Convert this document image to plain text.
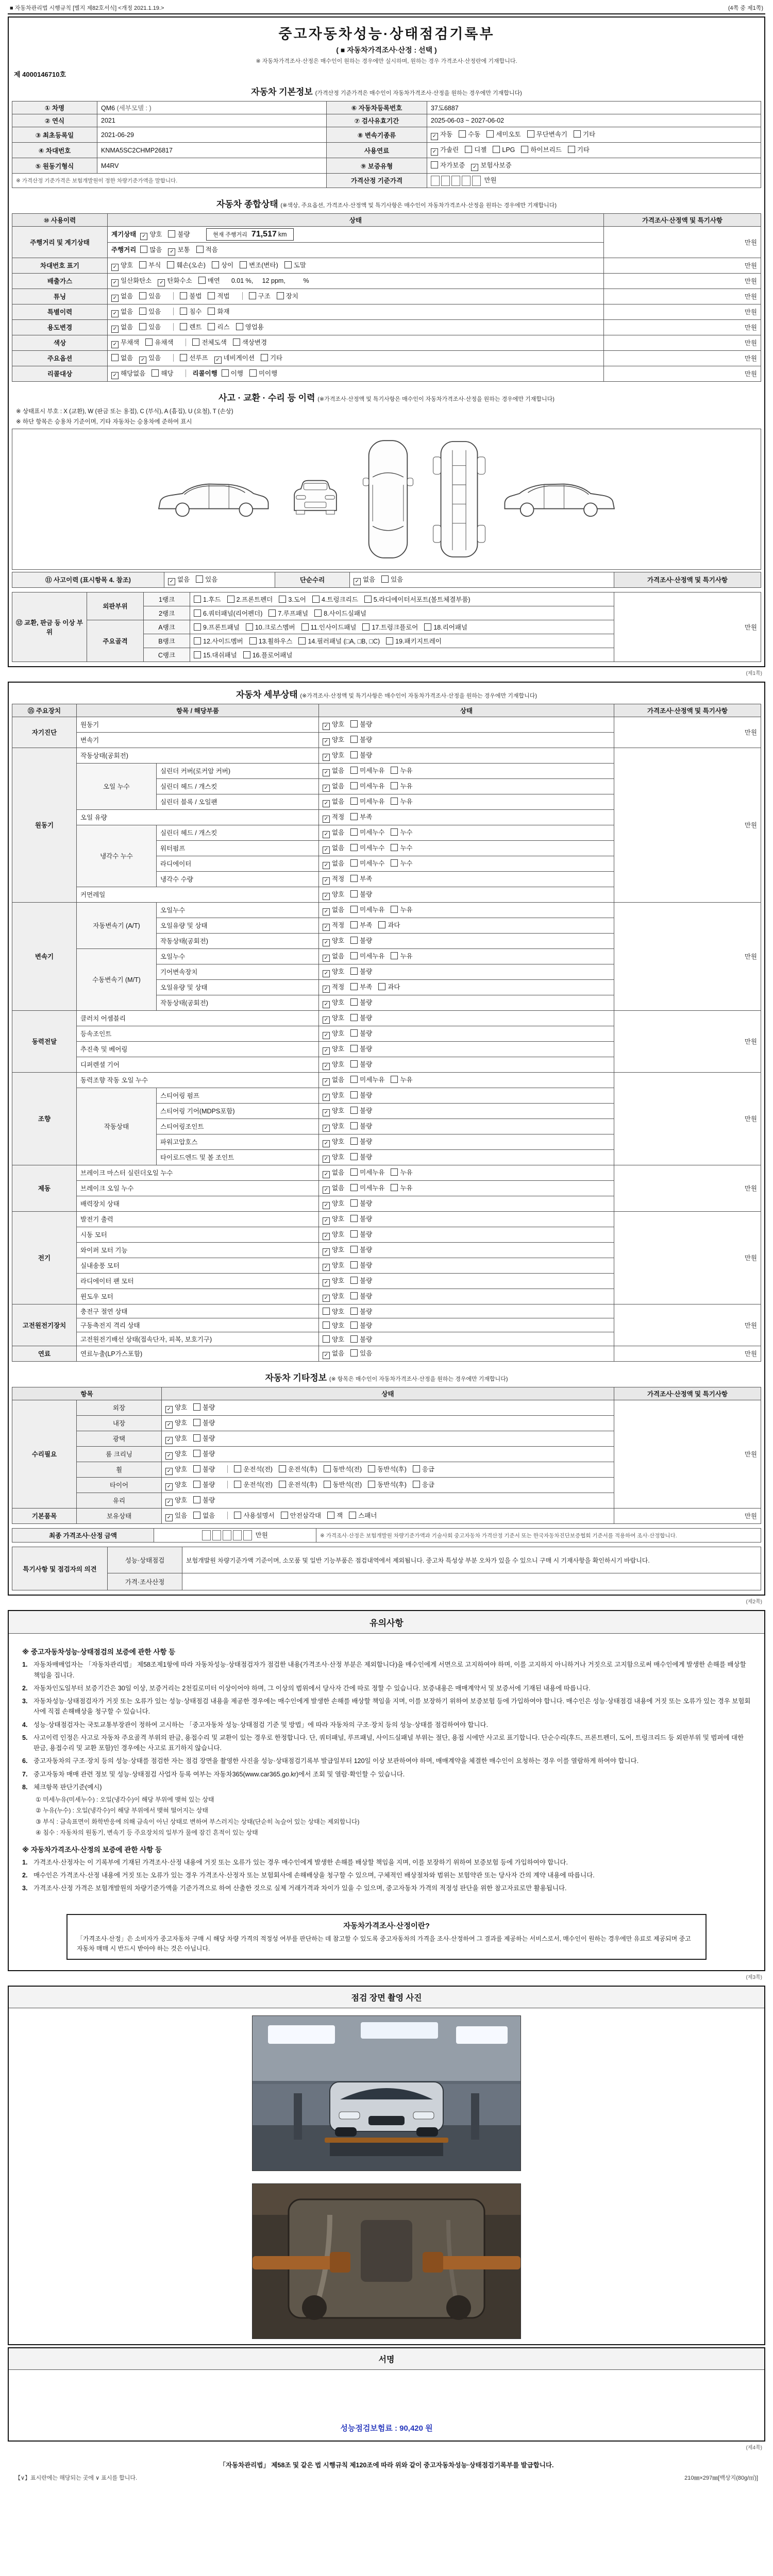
■ 자동차관리법 시행규칙 [별지 제82호서식] <개정 2021.1.19.>	(4쪽 중 제1쪽)
중고자동차성능·상태점검기록부
( ■ 자동차가격조사·산정 : 선택 )
※ 자동차가격조사·산정은 매수인이 원하는 경우에만 실시하며, 원하는 경우 가격조사·산정란에 기재합니다.
제 4000146710호
자동차 기본정보 (가격산정 기준가격은 매수인이 자동차가격조사·산정을 원하는 경우에만 기재합니다)
① 차명	QM6 (세부모델 : )	⑥ 자동차등록번호	37도6887
② 연식	2021	⑦ 검사유효기간	2025-06-03 ~ 2027-06-02
③ 최초등록일	2021-06-29	⑧ 변속기종류	✓ 자동 수동 세미오토 무단변속기 기타
④ 차대번호	KNMA5SC2CHMP26817	사용연료	✓ 가솔린 디젤 LPG 하이브리드 기타
⑤ 원동기형식	M4RV	⑨ 보증유형	자가보증 ✓ 보험사보증
※ 가격산정 기준가격은 보험개발원이 정한 차량기준가액을 말합니다.		가격산정 기준가격	만원
자동차 종합상태 (※색상, 주요옵션, 가격조사·산정액 및 특기사항은 매수인이 자동차가격조사·산정을 원하는 경우에만 기재합니다)
⑩ 사용이력	상태	가격조사·산정액 및 특기사항
주행거리 및 계기상태	계기상태 ✓ 양호 불량 현재 주행거리 71,517 km	만원
	주행거리 많음 ✓ 보통 적음	
차대번호 표기	✓ 양호 부식 훼손(오손) 상이 변조(변타) 도말	만원
배출가스	✓ 일산화탄소 ✓ 탄화수소 매연 0.01 %,     12 ppm,          %	만원
튜닝	✓ 없음 있음 불법 적법 구조 장치	만원
특별이력	✓ 없음 있음 침수 화재	만원
용도변경	✓ 없음 있음 렌트 리스 영업용	만원
색상	✓ 무채색 유채색 전체도색 색상변경	만원
주요옵션	없음 ✓ 있음 선루프 ✓ 네비게이션 기타	만원
리콜대상	✓ 해당없음 해당 리콜이행 이행 미이행	만원
사고 · 교환 · 수리 등 이력 (※가격조사·산정액 및 특기사항은 매수인이 자동차가격조사·산정을 원하는 경우에만 기재합니다)
※ 상태표시 부호 : X (교환), W (판금 또는 용접), C (부식), A (흠집), U (요철), T (손상)
※ 하단 항목은 승용차 기준이며, 기타 자동차는 승용차에 준하여 표시
⑪ 사고이력 (표시항목 4. 참조)	✓ 없음 있음	단순수리	✓ 없음 있음	가격조사·산정액 및 특기사항
⑫ 교환, 판금 등 이상 부위	외판부위	1랭크	1.후드 2.프론트펜더 3.도어 4.트렁크리드 5.라디에이터서포트(볼트체결부품)	만원
		2랭크	6.쿼터패널(리어펜더) 7.루프패널 8.사이드실패널	
	주요골격	A랭크	9.프론트패널 10.크로스멤버 11.인사이드패널 17.트렁크플로어 18.리어패널	
		B랭크	12.사이드멤버 13.휠하우스 14.필러패널 (□A, □B, □C) 19.패키지트레이	
		C랭크	15.대쉬패널 16.플로어패널	
(제1쪽)
자동차 세부상태 (※가격조사·산정액 및 특기사항은 매수인이 자동차가격조사·산정을 원하는 경우에만 기재합니다)
⑮ 주요장치	항목 / 해당부품		상태	가격조사·산정액 및 특기사항
자기진단	원동기		✓ 양호 불량	만원
	변속기		✓ 양호 불량	
원동기	작동상태(공회전)		✓ 양호 불량	만원
	오일 누수	실린더 커버(로커암 커버)	✓ 없음 미세누유 누유	
		실린더 헤드 / 개스킷	✓ 없음 미세누유 누유	
		실린더 블록 / 오일팬	✓ 없음 미세누유 누유	
	오일 유량		✓ 적정 부족	
	냉각수 누수	실린더 헤드 / 개스킷	✓ 없음 미세누수 누수	
		워터펌프	✓ 없음 미세누수 누수	
		라디에이터	✓ 없음 미세누수 누수	
		냉각수 수량	✓ 적정 부족	
	커먼레일		✓ 양호 불량	
변속기	자동변속기 (A/T)	오일누수	✓ 없음 미세누유 누유	만원
		오일유량 및 상태	✓ 적정 부족 과다	
		작동상태(공회전)	✓ 양호 불량	
	수동변속기 (M/T)	오일누수	✓ 없음 미세누유 누유	
		기어변속장치	✓ 양호 불량	
		오일유량 및 상태	✓ 적정 부족 과다	
		작동상태(공회전)	✓ 양호 불량	
동력전달	클러치 어셈블리		✓ 양호 불량	만원
	등속조인트		✓ 양호 불량	
	추진축 및 베어링		✓ 양호 불량	
	디퍼렌셜 기어		✓ 양호 불량	
조향	동력조향 작동 오일 누수		✓ 없음 미세누유 누유	만원
	작동상태	스티어링 펌프	✓ 양호 불량	
		스티어링 기어(MDPS포함)	✓ 양호 불량	
		스티어링조인트	✓ 양호 불량	
		파워고압호스	✓ 양호 불량	
		타이로드엔드 및 볼 조인트	✓ 양호 불량	
제동	브레이크 마스터 실린더오일 누수		✓ 없음 미세누유 누유	만원
	브레이크 오일 누수		✓ 없음 미세누유 누유	
	배력장치 상태		✓ 양호 불량	
전기	발전기 출력		✓ 양호 불량	만원
	시동 모터		✓ 양호 불량	
	와이퍼 모터 기능		✓ 양호 불량	
	실내송풍 모터		✓ 양호 불량	
	라디에이터 팬 모터		✓ 양호 불량	
	윈도우 모터		✓ 양호 불량	
고전원전기장치	충전구 절연 상태		양호 불량	만원
	구동축전지 격리 상태		양호 불량	
	고전원전기배선 상태(접속단자, 피복, 보호기구)		양호 불량	
연료	연료누출(LP가스포함)		✓ 없음 있음	만원
자동차 기타정보 (※ 항목은 매수인이 자동차가격조사·산정을 원하는 경우에만 기재합니다)
항목		상태	가격조사·산정액 및 특기사항
수리필요	외장	✓ 양호 불량	만원
	내장	✓ 양호 불량	
	광택	✓ 양호 불량	
	룸 크리닝	✓ 양호 불량	
	휠	✓ 양호 불량 운전석(전) 운전석(후) 동반석(전) 동반석(후) 응급	
	타이어	✓ 양호 불량 운전석(전) 운전석(후) 동반석(전) 동반석(후) 응급	
	유리	✓ 양호 불량	
기본품목	보유상태	✓ 있음 없음 사용설명서 안전삼각대 잭 스패너	만원
최종 가격조사·산정 금액	만원	※ 가격조사·산정은 보험개발원 차량기준가액과 기술사회 중고자동차 가격산정 기준서 또는 한국자동차진단보증협회 기준서를 적용하여 조사·산정합니다.
특기사항 및 점검자의 의견	성능·상태점검	보험개발원 차량기준가액 기준이며, 소모품 및 일반 기능부품은 점검내역에서 제외됩니다. 중고차 특성상 부분 오차가 있을 수 있으니 구매 시 기재사항을 확인하시기 바랍니다.
	가격·조사산정	
(제2쪽)
유의사항
※ 중고자동차성능·상태점검의 보증에 관한 사항 등
1. 자동차매매업자는 「자동차관리법」 제58조제1항에 따라 자동차성능·상태점검자가 점검한 내용(가격조사·산정 부분은 제외합니다)을 매수인에게 서면으로 고지하여야 하며, 이를 고지하지 아니하거나 거짓으로 고지함으로써 매수인에게 발생한 손해를 배상할 책임을 집니다.
2. 자동차인도일부터 보증기간은 30일 이상, 보증거리는 2천킬로미터 이상이어야 하며, 그 이상의 범위에서 당사자 간에 따로 정할 수 있습니다. 보증내용은 매매계약서 및 보증서에 기재된 내용에 따릅니다.
3. 자동차성능·상태점검자가 거짓 또는 오류가 있는 성능·상태점검 내용을 제공한 경우에는 매수인에게 발생한 손해를 배상할 책임을 지며, 이를 보장하기 위하여 보증보험 등에 가입하여야 합니다. 매수인은 성능·상태점검 내용에 거짓 또는 오류가 있는 경우 보험회사에 직접 손해배상을 청구할 수 있습니다.
4. 성능·상태점검자는 국토교통부장관이 정하여 고시하는 「중고자동차 성능·상태점검 기준 및 방법」에 따라 자동차의 구조·장치 등의 성능·상태를 점검하여야 합니다.
5. 사고이력 인정은 사고로 자동차 주요골격 부위의 판금, 용접수리 및 교환이 있는 경우로 한정합니다. 단, 쿼터패널, 루프패널, 사이드실패널 부위는 절단, 용접 시에만 사고로 표기합니다. 단순수리(후드, 프론트펜더, 도어, 트렁크리드 등 외판부위 및 범퍼에 대한 판금, 용접수리 및 교환 포함)인 경우에는 사고로 표기하지 않습니다.
6. 중고자동차의 구조·장치 등의 성능·상태를 점검한 자는 점검 장면을 촬영한 사진을 성능·상태점검기록부 발급일부터 120일 이상 보관하여야 하며, 매매계약을 체결한 매수인이 요청하는 경우 이를 열람하게 하여야 합니다.
7. 중고자동차 매매 관련 정보 및 성능·상태점검 사업자 등록 여부는 자동차365(www.car365.go.kr)에서 조회 및 열람·확인할 수 있습니다.
8. 체크항목 판단기준(예시)
① 미세누유(미세누수) : 오일(냉각수)이 해당 부위에 맺혀 있는 상태
② 누유(누수) : 오일(냉각수)이 해당 부위에서 맺혀 떨어지는 상태
③ 부식 : 금속표면이 화학반응에 의해 금속이 아닌 상태로 변하여 부스러지는 상태(단순히 녹슬어 있는 상태는 제외합니다)
④ 침수 : 자동차의 원동기, 변속기 등 주요장치의 일부가 물에 잠긴 흔적이 있는 상태
※ 자동차가격조사·산정의 보증에 관한 사항 등
1. 가격조사·산정자는 이 기록부에 기재된 가격조사·산정 내용에 거짓 또는 오류가 있는 경우 매수인에게 발생한 손해를 배상할 책임을 지며, 이를 보장하기 위하여 보증보험 등에 가입하여야 합니다.
2. 매수인은 가격조사·산정 내용에 거짓 또는 오류가 있는 경우 가격조사·산정자 또는 보험회사에 손해배상을 청구할 수 있으며, 구체적인 배상절차와 범위는 보험약관 또는 당사자 간의 계약 내용에 따릅니다.
3. 가격조사·산정 가격은 보험개발원의 차량기준가액을 기준가격으로 하여 산출한 것으로 실제 거래가격과 차이가 있을 수 있으며, 중고자동차 가격의 적정성 판단을 위한 참고자료로만 활용됩니다.
자동차가격조사·산정이란?
「가격조사·산정」은 소비자가 중고자동차 구매 시 해당 차량 가격의 적정성 여부를 판단하는 데 참고할 수 있도록 중고자동차의 가격을 조사·산정하여 그 결과를 제공하는 서비스로서, 매수인이 원하는 경우에만 유료로 제공되며 중고자동차 매매 시 반드시 받아야 하는 것은 아닙니다.
(제3쪽)
점검 장면 촬영 사진
서명
성능점검보험료 : 90,420 원
(제4쪽)
「자동차관리법」 제58조 및 같은 법 시행규칙 제120조에 따라 위와 같이 중고자동차성능·상태점검기록부를 발급합니다.
【∨】표시란에는 해당되는 곳에 ∨ 표시를 합니다.	210㎜×297㎜[백상지(80g/㎡)]
